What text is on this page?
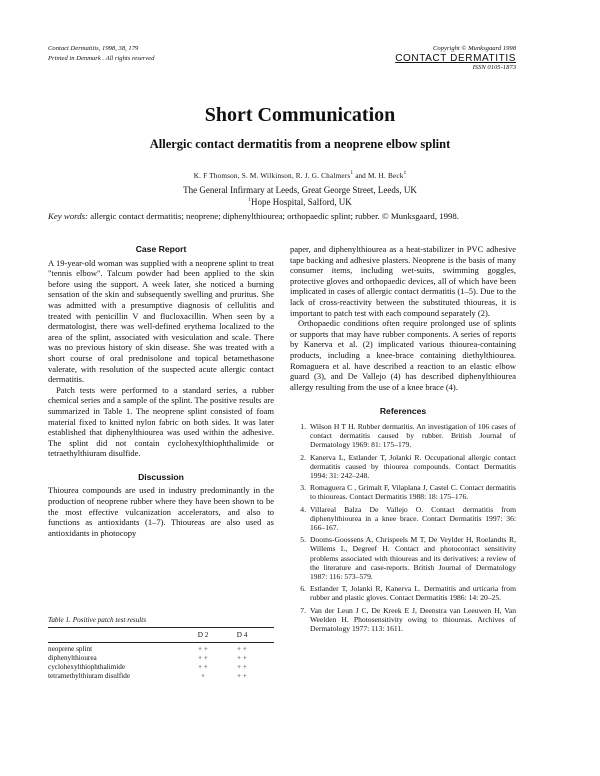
Contact Dermatitis, 1998, 38, 179
Printed in Denmark . All rights reserved
Copyright © Munksgaard 1998
CONTACT DERMATITIS
ISSN 0105-1873
Short Communication
Allergic contact dermatitis from a neoprene elbow splint
K. F Thomson, S. M. Wilkinson, R. J. G. Chalmers$^1$ and M. H. Beck$^1$
The General Infirmary at Leeds, Great George Street, Leeds, UK
$^1$Hope Hospital, Salford, UK
Key words: allergic contact dermatitis; neoprene; diphenylthiourea; orthopaedic splint; rubber. © Munksgaard, 1998.
Case Report

A 19-year-old woman was supplied with a neoprene splint to treat "tennis elbow". Talcum powder had been applied to the skin before using the support. A week later, she noticed a burning sensation of the skin and subsequently swelling and pruritus. She was admitted with a presumptive diagnosis of cellulitis and treated with penicillin V and flucloxacillin. When seen by a dermatologist, there was well-defined erythema localized to the area of the splint, associated with vesiculation and scale. There was no previous history of skin disease. She was treated with a short course of oral prednisolone and topical betamethasone valerate, with resolution of the suspected acute allergic contact dermatitis.

Patch tests were performed to a standard series, a rubber chemical series and a sample of the splint. The positive results are summarized in Table 1. The neoprene splint consisted of foam material fixed to knitted nylon fabric on both sides. It was later established that diphenylthiourea was used within the adhesive. The splint did not contain cyclohexylthiophthalimide or tetraethylthiuram disulfide.

Discussion

Thiourea compounds are used in industry predominantly in the production of neoprene rubber where they have been shown to be the most effective vulcanization accelerators, and also to functions as antioxidants (1–7). Thioureas are also used as antioxidants in photocopy

Table 1. Positive patch test results

D 2	D 4
neoprene splint	+ +	+ +
diphenylthiourea	+ +	+ +
cyclohexylthiophthalimide	+ +	+ +
tetramethylthiuram disulfide	+	+ +

paper, and diphenylthiourea as a heat-stabilizer in PVC adhesive tape backing and adhesive plasters. Neoprene is the basis of many consumer items, including wet-suits, swimming goggles, protective gloves and orthopaedic devices, all of which have been implicated in cases of allergic contact dermatitis (1–5). Due to the lack of cross-reactivity between the substituted thioureas, it is important to patch test with each compound separately (2).

Orthopaedic conditions often require prolonged use of splints or supports that may have rubber components. A series of reports by Kanerva et al. (2) implicated various thiourea-containing products, including a knee-brace containing diethylthiourea. Romaguera et al. have described a reaction to an elastic elbow guard (3), and De Vallejo (4) has described diphenylthiourea allergy resulting from the use of a knee brace (4).

References
1. Wilson H T H. Rubber dermatitis. An investigation of 106 cases of contact dermatitis caused by rubber. British Journal of Dermatology 1969: 81: 175–179.
2. Kanerva L, Estlander T, Jolanki R. Occupational allergic contact dermatitis caused by thiourea compounds. Contact Dermatitis 1994: 31: 242–248.
3. Romaguera C , Grimalt F, Vilaplana J, Castel C. Contact dermatitis to thioureas. Contact Dermatitis 1988: 18: 175–176.
4. Villareal Balza De Vallejo O. Contact dermatitis from diphenylthiourea in a knee brace. Contact Dermatitis 1997: 36: 166–167.
5. Dooms-Goossens A, Chrispeels M T, De Veylder H, Roelandts R, Willems L, Degreef H. Contact and photocontact sensitivity problems associated with thioureas and its derivatives: a review of the literature and case-reports. British Journal of Dermatology 1987: 116: 573–579.
6. Estlander T, Jolanki R, Kanerva L. Dermatitis and urticaria from rubber and plastic gloves. Contact Dermatitis 1986: 14: 20–25.
7. Van der Leun J C, De Kreek E J, Deenstra van Leeuwen H, Van Weelden H. Photosensitivity owing to thioureas. Archives of Dermatology 1977: 113: 1611.
